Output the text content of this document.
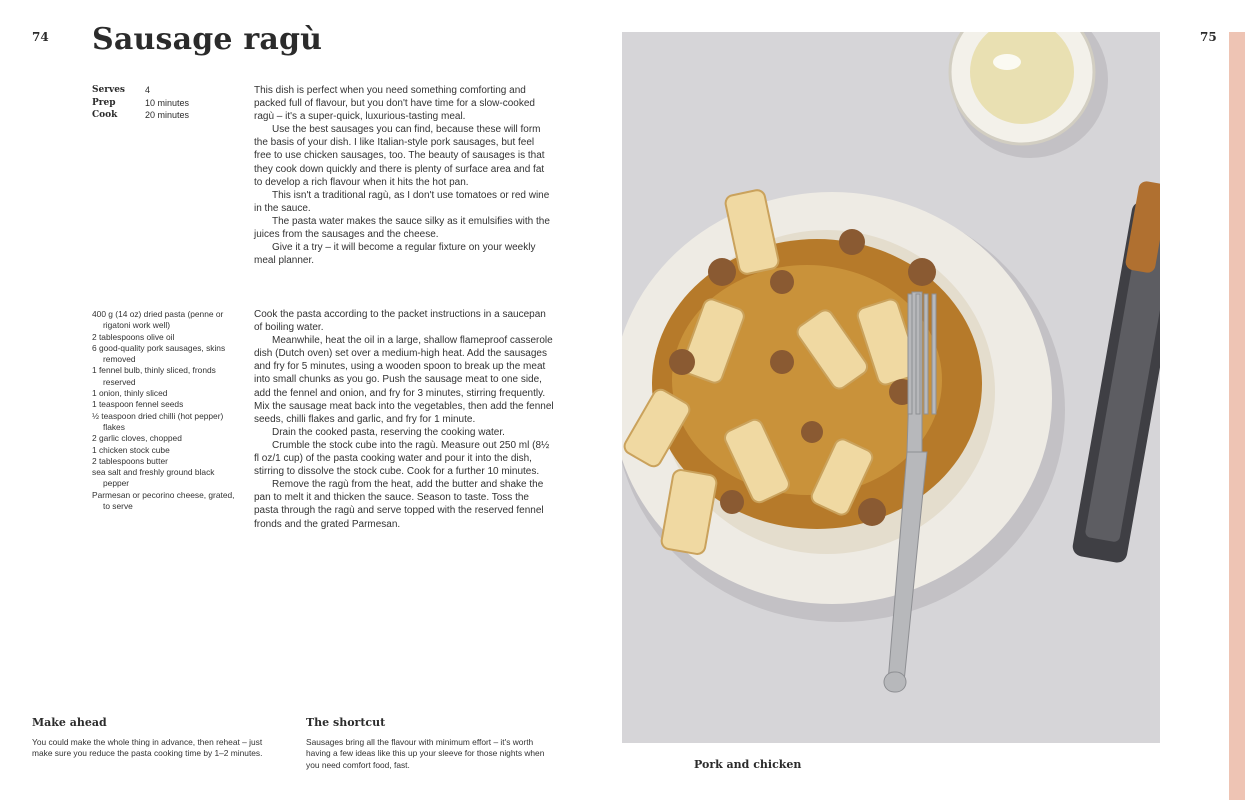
74	75
Sausage ragù
Serves	4
Prep	10 minutes
Cook	20 minutes

This dish is perfect when you need something comforting and packed full of flavour, but you don't have time for a slow-cooked ragù – it's a super-quick, luxurious-tasting meal.

Use the best sausages you can find, because these will form the basis of your dish. I like Italian-style pork sausages, but feel free to use chicken sausages, too. The beauty of sausages is that they cook down quickly and there is plenty of surface area and fat to develop a rich flavour when it hits the hot pan.

This isn't a traditional ragù, as I don't use tomatoes or red wine in the sauce.

The pasta water makes the sauce silky as it emulsifies with the juices from the sausages and the cheese.

Give it a try – it will become a regular fixture on your weekly meal planner.

400 g (14 oz) dried pasta (penne or rigatoni work well)
2 tablespoons olive oil
6 good-quality pork sausages, skins removed
1 fennel bulb, thinly sliced, fronds reserved
1 onion, thinly sliced
1 teaspoon fennel seeds
½ teaspoon dried chilli (hot pepper) flakes
2 garlic cloves, chopped
1 chicken stock cube
2 tablespoons butter
sea salt and freshly ground black pepper
Parmesan or pecorino cheese, grated, to serve

Cook the pasta according to the packet instructions in a saucepan of boiling water.

Meanwhile, heat the oil in a large, shallow flameproof casserole dish (Dutch oven) set over a medium-high heat. Add the sausages and fry for 5 minutes, using a wooden spoon to break up the meat into small chunks as you go. Push the sausage meat to one side, add the fennel and onion, and fry for 3 minutes, stirring frequently. Mix the sausage meat back into the vegetables, then add the fennel seeds, chilli flakes and garlic, and fry for 1 minute.

Drain the cooked pasta, reserving the cooking water.

Crumble the stock cube into the ragù. Measure out 250 ml (8½ fl oz/1 cup) of the pasta cooking water and pour it into the dish, stirring to dissolve the stock cube. Cook for a further 10 minutes.

Remove the ragù from the heat, add the butter and shake the pan to melt it and thicken the sauce. Season to taste. Toss the pasta through the ragù and serve topped with the reserved fennel fronds and the grated Parmesan.

Make ahead

You could make the whole thing in advance, then reheat – just make sure you reduce the pasta cooking time by 1–2 minutes.

The shortcut

Sausages bring all the flavour with minimum effort – it's worth having a few ideas like this up your sleeve for those nights when you need comfort food, fast.	Pork and chicken
